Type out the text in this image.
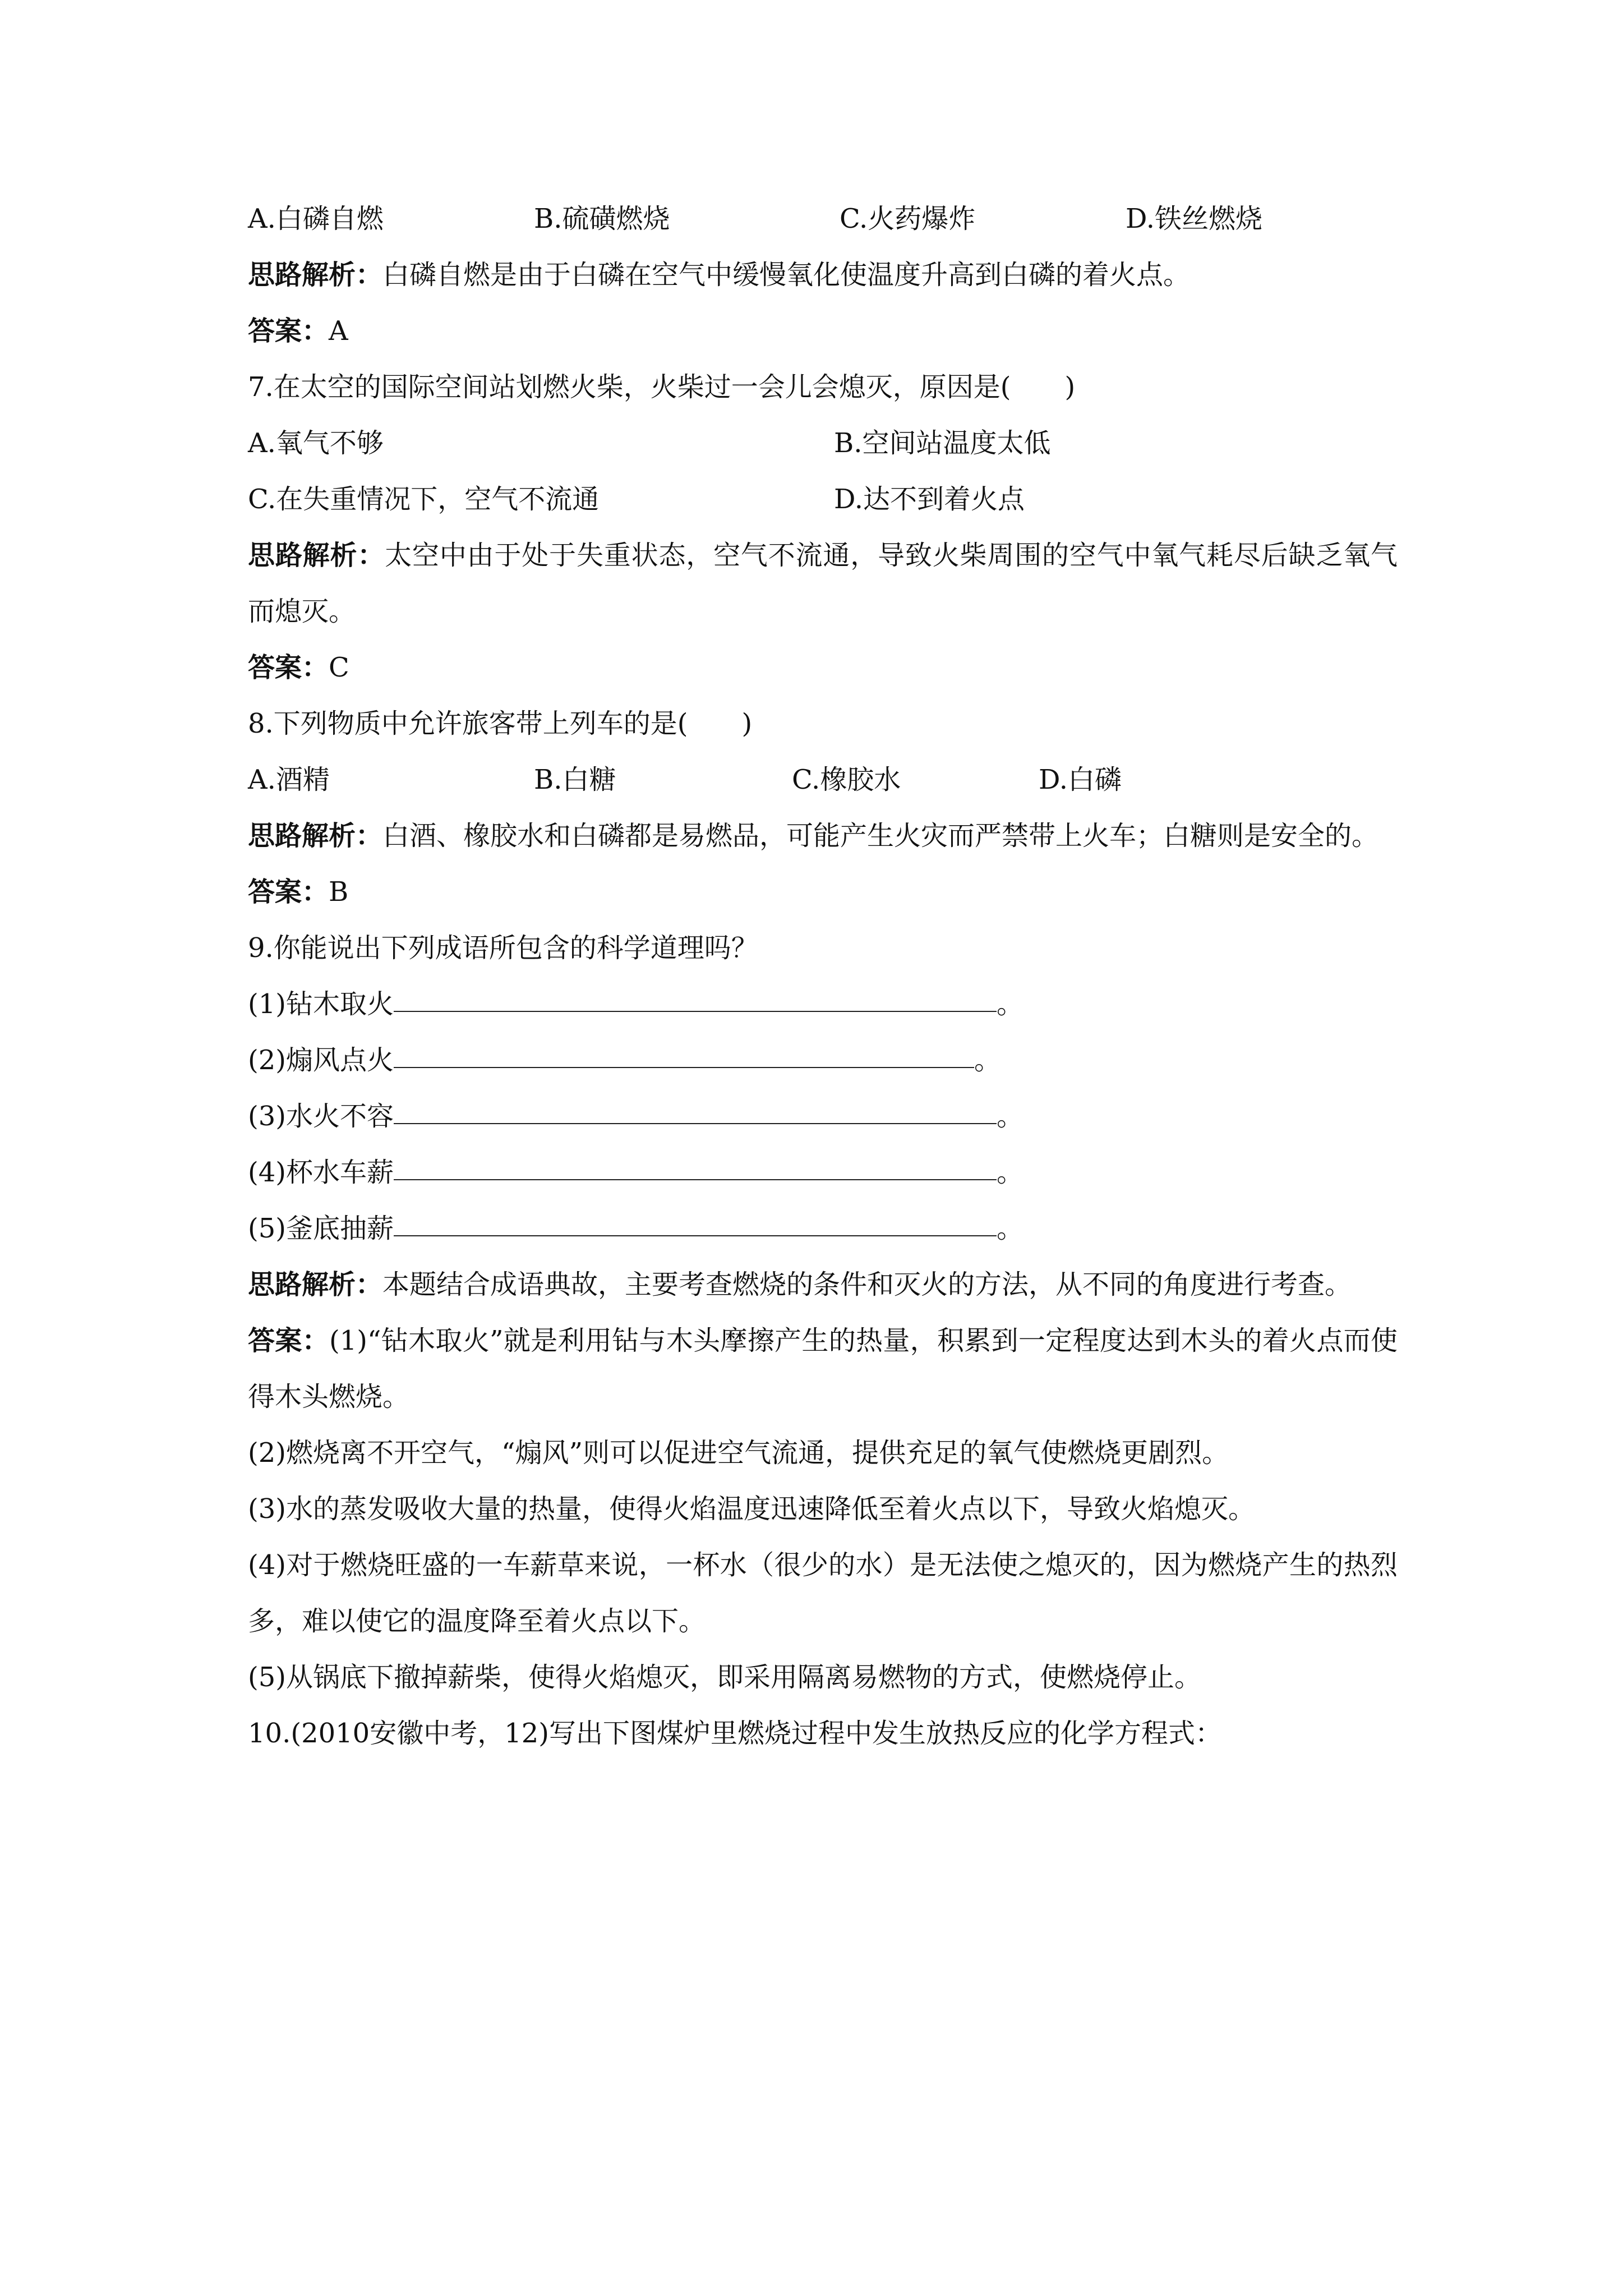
A.白磷自燃	B.硫磺燃烧	C.火药爆炸	D.铁丝燃烧
思路解析：白磷自燃是由于白磷在空气中缓慢氧化使温度升高到白磷的着火点。
答案：A
7.在太空的国际空间站划燃火柴，火柴过一会儿会熄灭，原因是(　　)
A.氧气不够	B.空间站温度太低
C.在失重情况下，空气不流通	D.达不到着火点
思路解析：太空中由于处于失重状态，空气不流通，导致火柴周围的空气中氧气耗尽后缺乏氧气而熄灭。
答案：C
8.下列物质中允许旅客带上列车的是(　　)
A.酒精	B.白糖	C.橡胶水	D.白磷
思路解析：白酒、橡胶水和白磷都是易燃品，可能产生火灾而严禁带上火车；白糖则是安全的。
答案：B
9.你能说出下列成语所包含的科学道理吗？
(1)钻木取火	。
(2)煽风点火	。
(3)水火不容	。
(4)杯水车薪	。
(5)釜底抽薪	。
思路解析：本题结合成语典故，主要考查燃烧的条件和灭火的方法，从不同的角度进行考查。
答案：(1)“钻木取火”就是利用钻与木头摩擦产生的热量，积累到一定程度达到木头的着火点而使得木头燃烧。
(2)燃烧离不开空气，“煽风”则可以促进空气流通，提供充足的氧气使燃烧更剧烈。
(3)水的蒸发吸收大量的热量，使得火焰温度迅速降低至着火点以下，导致火焰熄灭。
(4)对于燃烧旺盛的一车薪草来说，一杯水（很少的水）是无法使之熄灭的，因为燃烧产生的热烈多，难以使它的温度降至着火点以下。
(5)从锅底下撤掉薪柴，使得火焰熄灭，即采用隔离易燃物的方式，使燃烧停止。
10.(2010安徽中考，12)写出下图煤炉里燃烧过程中发生放热反应的化学方程式：
